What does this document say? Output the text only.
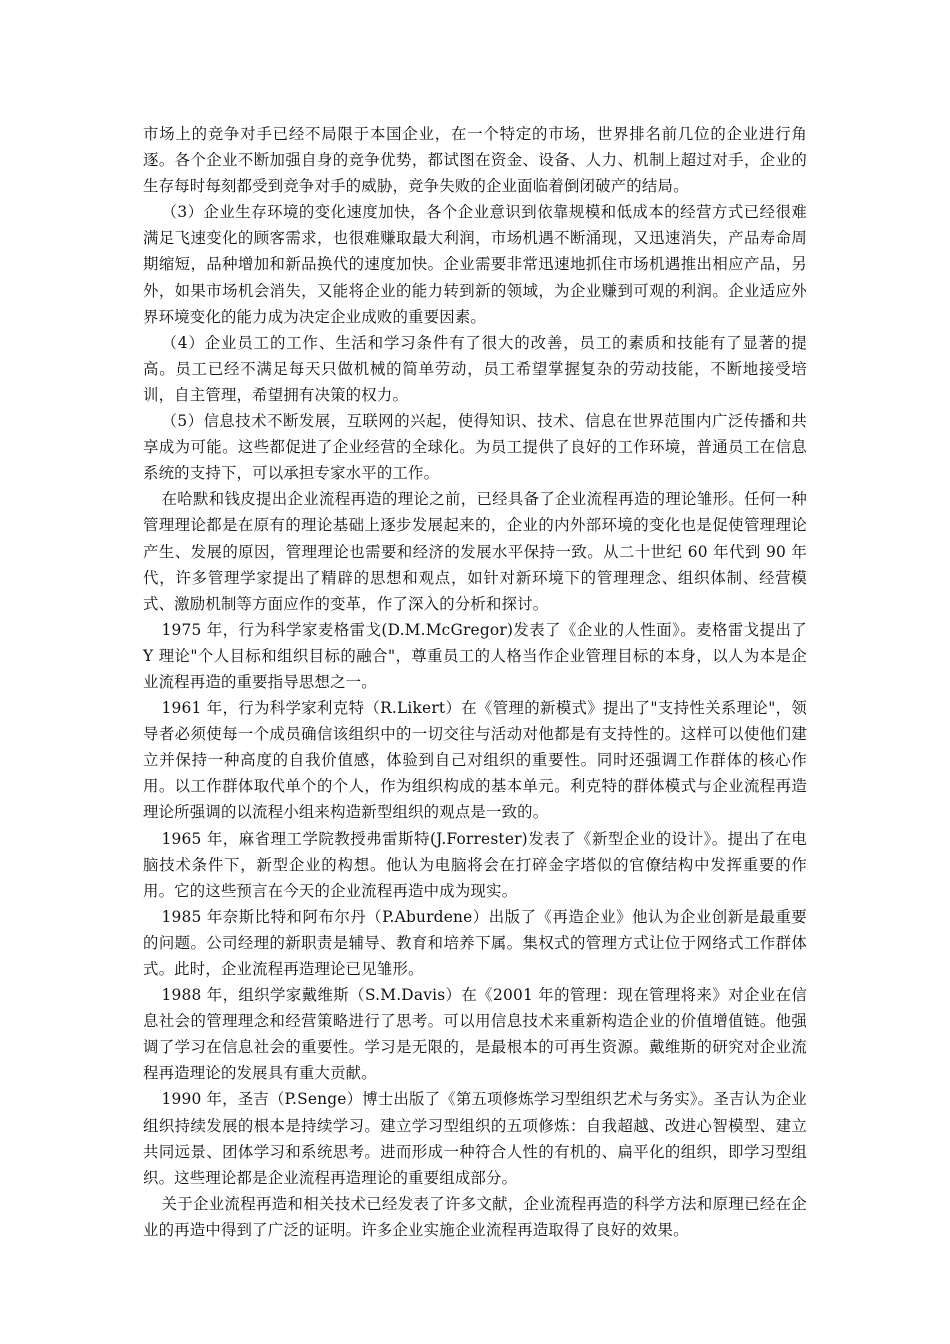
市场上的竞争对手已经不局限于本国企业，在一个特定的市场，世界排名前几位的企业进行角逐。各个企业不断加强自身的竞争优势，都试图在资金、设备、人力、机制上超过对手，企业的生存每时每刻都受到竞争对手的威胁，竞争失败的企业面临着倒闭破产的结局。

（3）企业生存环境的变化速度加快，各个企业意识到依靠规模和低成本的经营方式已经很难满足飞速变化的顾客需求，也很难赚取最大利润，市场机遇不断涌现，又迅速消失，产品寿命周期缩短，品种增加和新品换代的速度加快。企业需要非常迅速地抓住市场机遇推出相应产品，另外，如果市场机会消失，又能将企业的能力转到新的领域，为企业赚到可观的利润。企业适应外界环境变化的能力成为决定企业成败的重要因素。

（4）企业员工的工作、生活和学习条件有了很大的改善，员工的素质和技能有了显著的提高。员工已经不满足每天只做机械的简单劳动，员工希望掌握复杂的劳动技能，不断地接受培训，自主管理，希望拥有决策的权力。

（5）信息技术不断发展，互联网的兴起，使得知识、技术、信息在世界范围内广泛传播和共享成为可能。这些都促进了企业经营的全球化。为员工提供了良好的工作环境，普通员工在信息系统的支持下，可以承担专家水平的工作。

在哈默和钱皮提出企业流程再造的理论之前，已经具备了企业流程再造的理论雏形。任何一种管理理论都是在原有的理论基础上逐步发展起来的，企业的内外部环境的变化也是促使管理理论产生、发展的原因，管理理论也需要和经济的发展水平保持一致。从二十世纪 60 年代到 90 年代，许多管理学家提出了精辟的思想和观点，如针对新环境下的管理理念、组织体制、经营模式、激励机制等方面应作的变革，作了深入的分析和探讨。

1975 年，行为科学家麦格雷戈(D.M.McGregor)发表了《企业的人性面》。麦格雷戈提出了 Y 理论"个人目标和组织目标的融合"，尊重员工的人格当作企业管理目标的本身，以人为本是企业流程再造的重要指导思想之一。

1961 年，行为科学家利克特（R.Likert）在《管理的新模式》提出了"支持性关系理论"，领导者必须使每一个成员确信该组织中的一切交往与活动对他都是有支持性的。这样可以使他们建立并保持一种高度的自我价值感，体验到自己对组织的重要性。同时还强调工作群体的核心作用。以工作群体取代单个的个人，作为组织构成的基本单元。利克特的群体模式与企业流程再造理论所强调的以流程小组来构造新型组织的观点是一致的。

1965 年，麻省理工学院教授弗雷斯特(J.Forrester)发表了《新型企业的设计》。提出了在电脑技术条件下，新型企业的构想。他认为电脑将会在打碎金字塔似的官僚结构中发挥重要的作用。它的这些预言在今天的企业流程再造中成为现实。

1985 年奈斯比特和阿布尔丹（P.Aburdene）出版了《再造企业》他认为企业创新是最重要的问题。公司经理的新职责是辅导、教育和培养下属。集权式的管理方式让位于网络式工作群体式。此时，企业流程再造理论已见雏形。

1988 年，组织学家戴维斯（S.M.Davis）在《2001 年的管理：现在管理将来》对企业在信息社会的管理理念和经营策略进行了思考。可以用信息技术来重新构造企业的价值增值链。他强调了学习在信息社会的重要性。学习是无限的，是最根本的可再生资源。戴维斯的研究对企业流程再造理论的发展具有重大贡献。

1990 年，圣吉（P.Senge）博士出版了《第五项修炼学习型组织艺术与务实》。圣吉认为企业组织持续发展的根本是持续学习。建立学习型组织的五项修炼：自我超越、改进心智模型、建立共同远景、团体学习和系统思考。进而形成一种符合人性的有机的、扁平化的组织，即学习型组织。这些理论都是企业流程再造理论的重要组成部分。

关于企业流程再造和相关技术已经发表了许多文献，企业流程再造的科学方法和原理已经在企业的再造中得到了广泛的证明。许多企业实施企业流程再造取得了良好的效果。
